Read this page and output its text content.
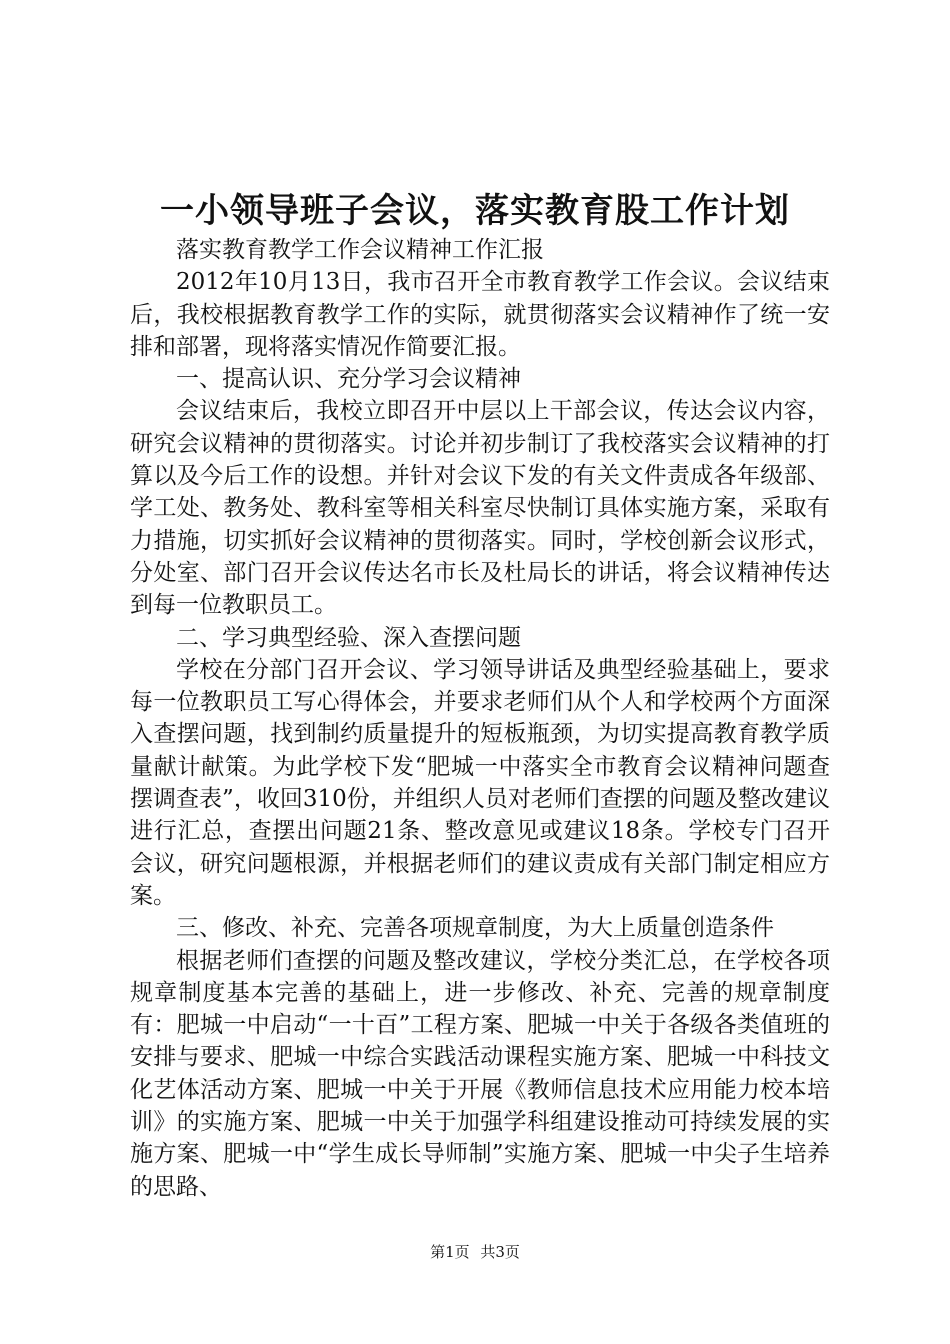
一小领导班子会议，落实教育股工作计划

落实教育教学工作会议精神工作汇报

2012年10月13日，我市召开全市教育教学工作会议。会议结束后，我校根据教育教学工作的实际，就贯彻落实会议精神作了统一安排和部署，现将落实情况作简要汇报。

一、提高认识、充分学习会议精神

会议结束后，我校立即召开中层以上干部会议，传达会议内容，研究会议精神的贯彻落实。讨论并初步制订了我校落实会议精神的打算以及今后工作的设想。并针对会议下发的有关文件责成各年级部、学工处、教务处、教科室等相关科室尽快制订具体实施方案，采取有力措施，切实抓好会议精神的贯彻落实。同时，学校创新会议形式，分处室、部门召开会议传达名市长及杜局长的讲话，将会议精神传达到每一位教职员工。

二、学习典型经验、深入查摆问题

学校在分部门召开会议、学习领导讲话及典型经验基础上，要求每一位教职员工写心得体会，并要求老师们从个人和学校两个方面深入查摆问题，找到制约质量提升的短板瓶颈，为切实提高教育教学质量献计献策。为此学校下发“肥城一中落实全市教育会议精神问题查摆调查表”，收回310份，并组织人员对老师们查摆的问题及整改建议进行汇总，查摆出问题21条、整改意见或建议18条。学校专门召开会议，研究问题根源，并根据老师们的建议责成有关部门制定相应方案。

三、修改、补充、完善各项规章制度，为大上质量创造条件

根据老师们查摆的问题及整改建议，学校分类汇总，在学校各项规章制度基本完善的基础上，进一步修改、补充、完善的规章制度有：肥城一中启动“一十百”工程方案、肥城一中关于各级各类值班的安排与要求、肥城一中综合实践活动课程实施方案、肥城一中科技文化艺体活动方案、肥城一中关于开展《教师信息技术应用能力校本培训》的实施方案、肥城一中关于加强学科组建设推动可持续发展的实施方案、肥城一中“学生成长导师制”实施方案、肥城一中尖子生培养的思路、

第1页 共3页
